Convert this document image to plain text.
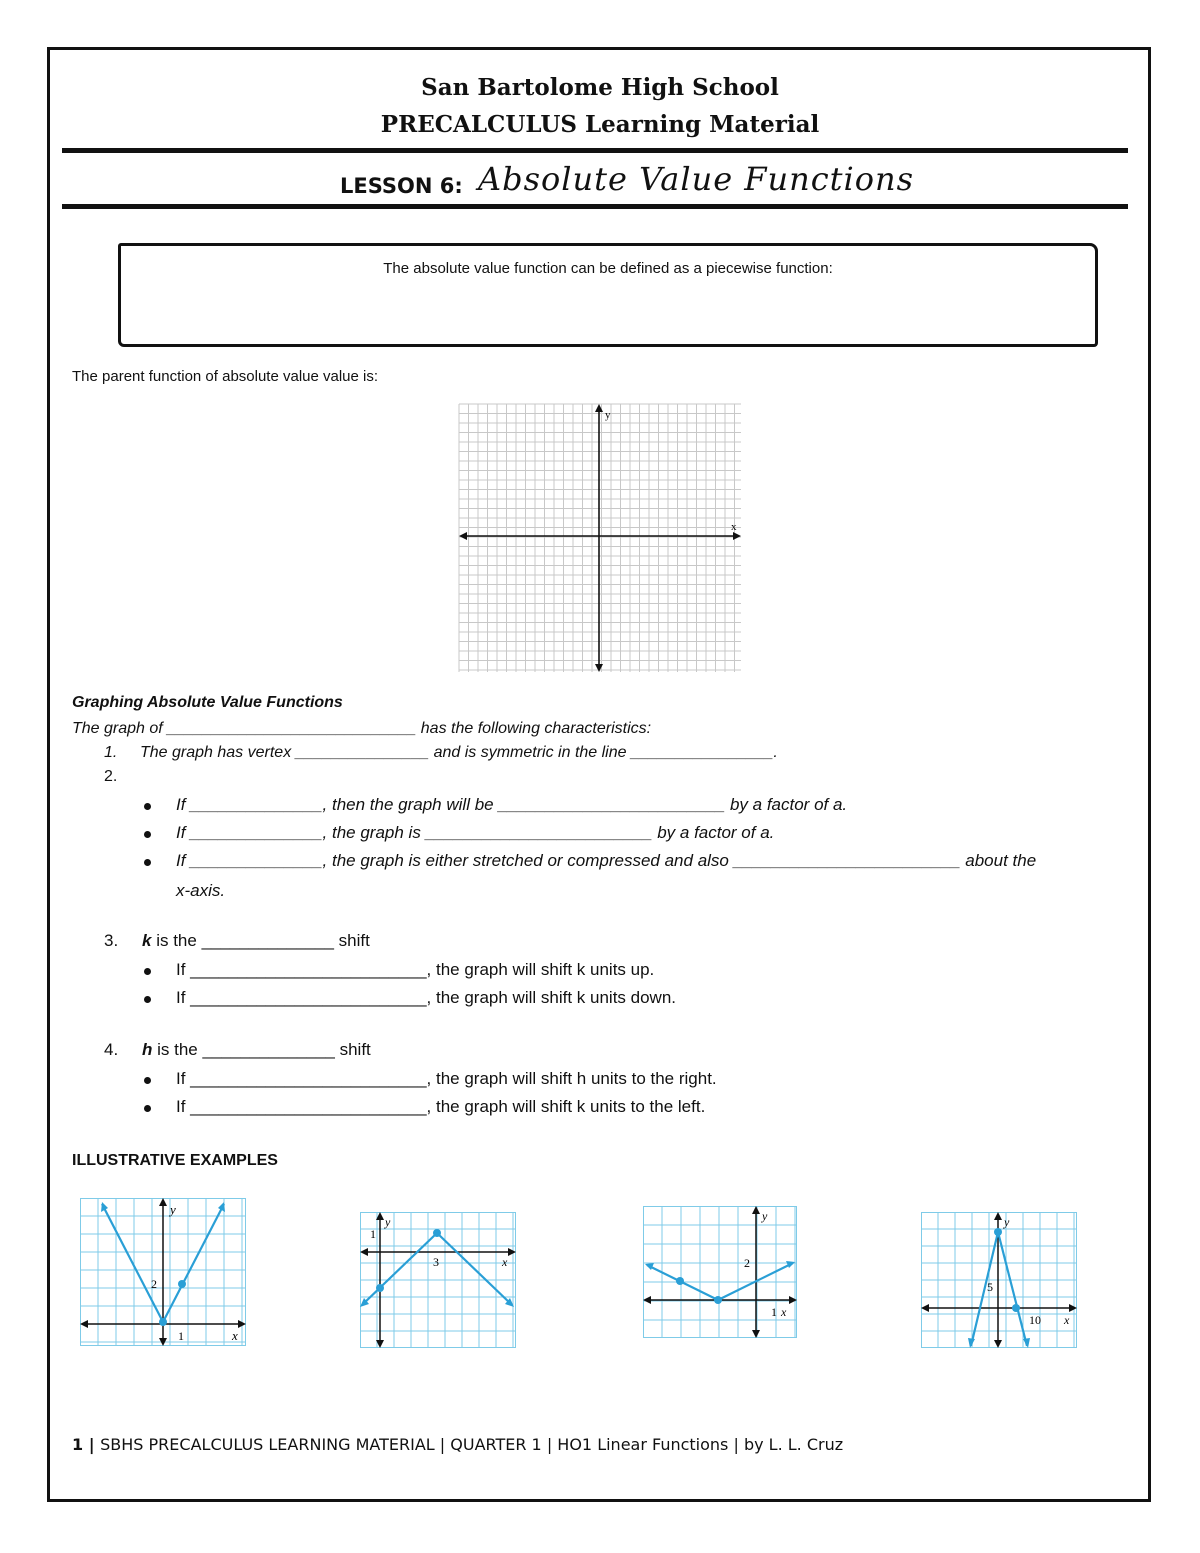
San Bartolome High School
PRECALCULUS Learning Material
LESSON 6: Absolute Value Functions
The absolute value function can be defined as a piecewise function:
The parent function of absolute value value is:
y
x
Graphing Absolute Value Functions
The graph of ____________________________ has the following characteristics:
1. The graph has vertex _______________ and is symmetric in the line ________________.
2.
If ______________, then the graph will be ________________________ by a factor of a.
If ______________, the graph is ________________________ by a factor of a.
If ______________, the graph is either stretched or compressed and also ________________________ about the
x-axis.
3. k is the ______________ shift
If _________________________, the graph will shift k units up.
If _________________________, the graph will shift k units down.
4. h is the ______________ shift
If _________________________, the graph will shift h units to the right.
If _________________________, the graph will shift k units to the left.
ILLUSTRATIVE EXAMPLES
y
x
2
1
y
x
1
3
y
x
2
1
y
x
5
10
1 | SBHS PRECALCULUS LEARNING MATERIAL | QUARTER 1 | HO1 Linear Functions | by L. L. Cruz
